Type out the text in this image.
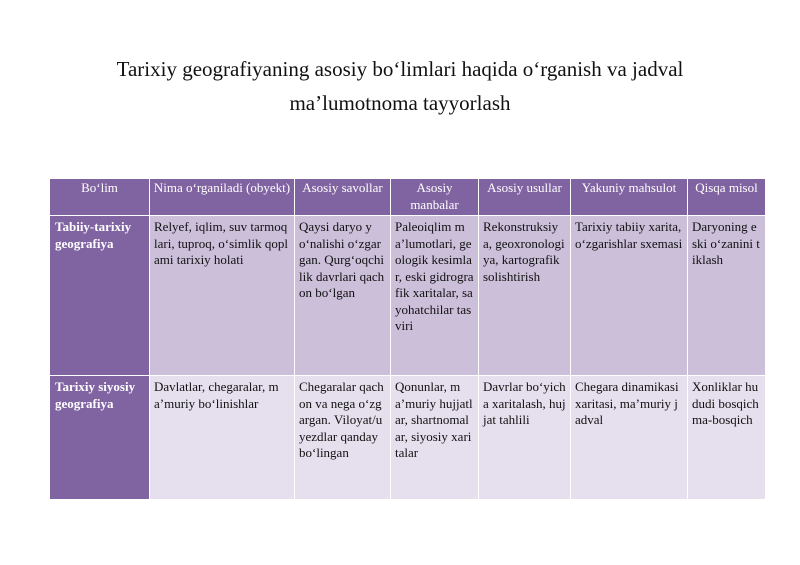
Tarixiy geografiyaning asosiy bo‘limlari haqida o‘rganish va jadval
ma’lumotnoma tayyorlash
Bo‘lim	Nima o‘rganiladi (obyekt)	Asosiy savollar	Asosiy manbalar	Asosiy usullar	Yakuniy mahsulot	Qisqa misol
Tabiiy-tarixiy geografiya	Relyef, iqlim, suv tarmoqlari, tuproq, o‘simlik qoplami tarixiy holati	Qaysi daryo yo‘nalishi o‘zgargan. Qurg‘oqchilik davrlari qachon bo‘lgan	Paleoiqlim ma’lumotlari, geologik kesimlar, eski gidrografik xaritalar, sayohatchilar tasviri	Rekonstruksiya, geoxronologiya, kartografik solishtirish	Tarixiy tabiiy xarita, o‘zgarishlar sxemasi	Daryoning eski o‘zanini tiklash
Tarixiy siyosiy geografiya	Davlatlar, chegaralar, ma’muriy bo‘linishlar	Chegaralar qachon va nega o‘zgargan. Viloyat/uyezdlar qanday bo‘lingan	Qonunlar, ma’muriy hujjatlar, shartnomalar, siyosiy xaritalar	Davrlar bo‘yicha xaritalash, hujjat tahlili	Chegara dinamikasi xaritasi, ma’muriy jadval	Xonliklar hududi bosqichma-bosqich
